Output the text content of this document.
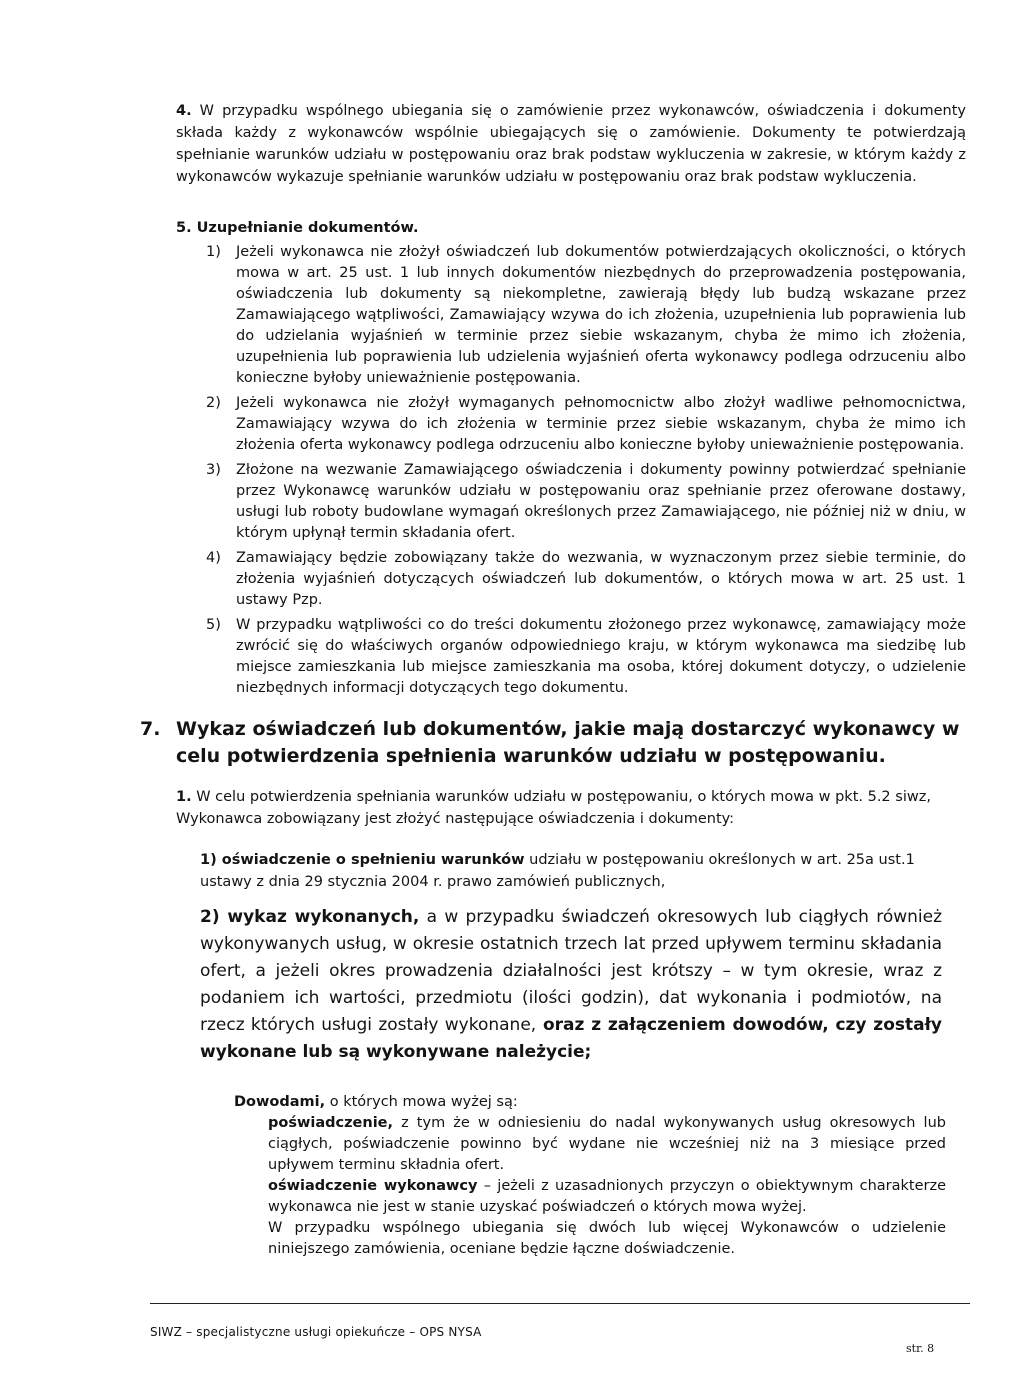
4. W przypadku wspólnego ubiegania się o zamówienie przez wykonawców, oświadczenia i dokumenty składa każdy z wykonawców wspólnie ubiegających się o zamówienie. Dokumenty te potwierdzają spełnianie warunków udziału w postępowaniu oraz brak podstaw wykluczenia w zakresie, w którym każdy z wykonawców wykazuje spełnianie warunków udziału w postępowaniu oraz brak podstaw wykluczenia.

5. Uzupełnianie dokumentów.
1)	Jeżeli wykonawca nie złożył oświadczeń lub dokumentów potwierdzających okoliczności, o których mowa w art. 25 ust. 1 lub innych dokumentów niezbędnych do przeprowadzenia postępowania, oświadczenia lub dokumenty są niekompletne, zawierają błędy lub budzą wskazane przez Zamawiającego wątpliwości, Zamawiający wzywa do ich złożenia, uzupełnienia lub poprawienia lub do udzielania wyjaśnień w terminie przez siebie wskazanym, chyba że mimo ich złożenia, uzupełnienia lub poprawienia lub udzielenia wyjaśnień oferta wykonawcy podlega odrzuceniu albo konieczne byłoby unieważnienie postępowania.
2)	Jeżeli wykonawca nie złożył wymaganych pełnomocnictw albo złożył wadliwe pełnomocnictwa, Zamawiający wzywa do ich złożenia w terminie przez siebie wskazanym, chyba że mimo ich złożenia oferta wykonawcy podlega odrzuceniu albo konieczne byłoby unieważnienie postępowania.
3)	Złożone na wezwanie Zamawiającego oświadczenia i dokumenty powinny potwierdzać spełnianie przez Wykonawcę warunków udziału w postępowaniu oraz spełnianie przez oferowane dostawy, usługi lub roboty budowlane wymagań określonych przez Zamawiającego, nie później niż w dniu, w którym upłynął termin składania ofert.
4)	Zamawiający będzie zobowiązany także do wezwania, w wyznaczonym przez siebie terminie, do złożenia wyjaśnień dotyczących oświadczeń lub dokumentów, o których mowa w art. 25 ust. 1 ustawy Pzp.
5)	W przypadku wątpliwości co do treści dokumentu złożonego przez wykonawcę, zamawiający może zwrócić się do właściwych organów odpowiedniego kraju, w którym wykonawca ma siedzibę lub miejsce zamieszkania lub miejsce zamieszkania ma osoba, której dokument dotyczy, o udzielenie niezbędnych informacji dotyczących tego dokumentu.
7. Wykaz oświadczeń lub dokumentów, jakie mają dostarczyć wykonawcy w celu potwierdzenia spełnienia warunków udziału w postępowaniu.

1. W celu potwierdzenia spełniania warunków udziału w postępowaniu, o których mowa w pkt. 5.2 siwz, Wykonawca zobowiązany jest złożyć następujące oświadczenia i dokumenty:

1) oświadczenie o spełnieniu warunków udziału w postępowaniu określonych w art. 25a ust.1 ustawy z dnia 29 stycznia 2004 r. prawo zamówień publicznych,

2) wykaz wykonanych, a w przypadku świadczeń okresowych lub ciągłych również wykonywanych usług, w okresie ostatnich trzech lat przed upływem terminu składania ofert, a jeżeli okres prowadzenia działalności jest krótszy – w tym okresie, wraz z podaniem ich wartości, przedmiotu (ilości godzin), dat wykonania i podmiotów, na rzecz których usługi zostały wykonane, oraz z załączeniem dowodów, czy zostały wykonane lub są wykonywane należycie;

Dowodami, o których mowa wyżej są:

poświadczenie, z tym że w odniesieniu do nadal wykonywanych usług okresowych lub ciągłych, poświadczenie powinno być wydane nie wcześniej niż na 3 miesiące przed upływem terminu składnia ofert.

oświadczenie wykonawcy – jeżeli z uzasadnionych przyczyn o obiektywnym charakterze wykonawca nie jest w stanie uzyskać poświadczeń o których mowa wyżej.

W przypadku wspólnego ubiegania się dwóch lub więcej Wykonawców o udzielenie niniejszego zamówienia, oceniane będzie łączne doświadczenie.

SIWZ – specjalistyczne usługi opiekuńcze – OPS NYSA
str. 8
